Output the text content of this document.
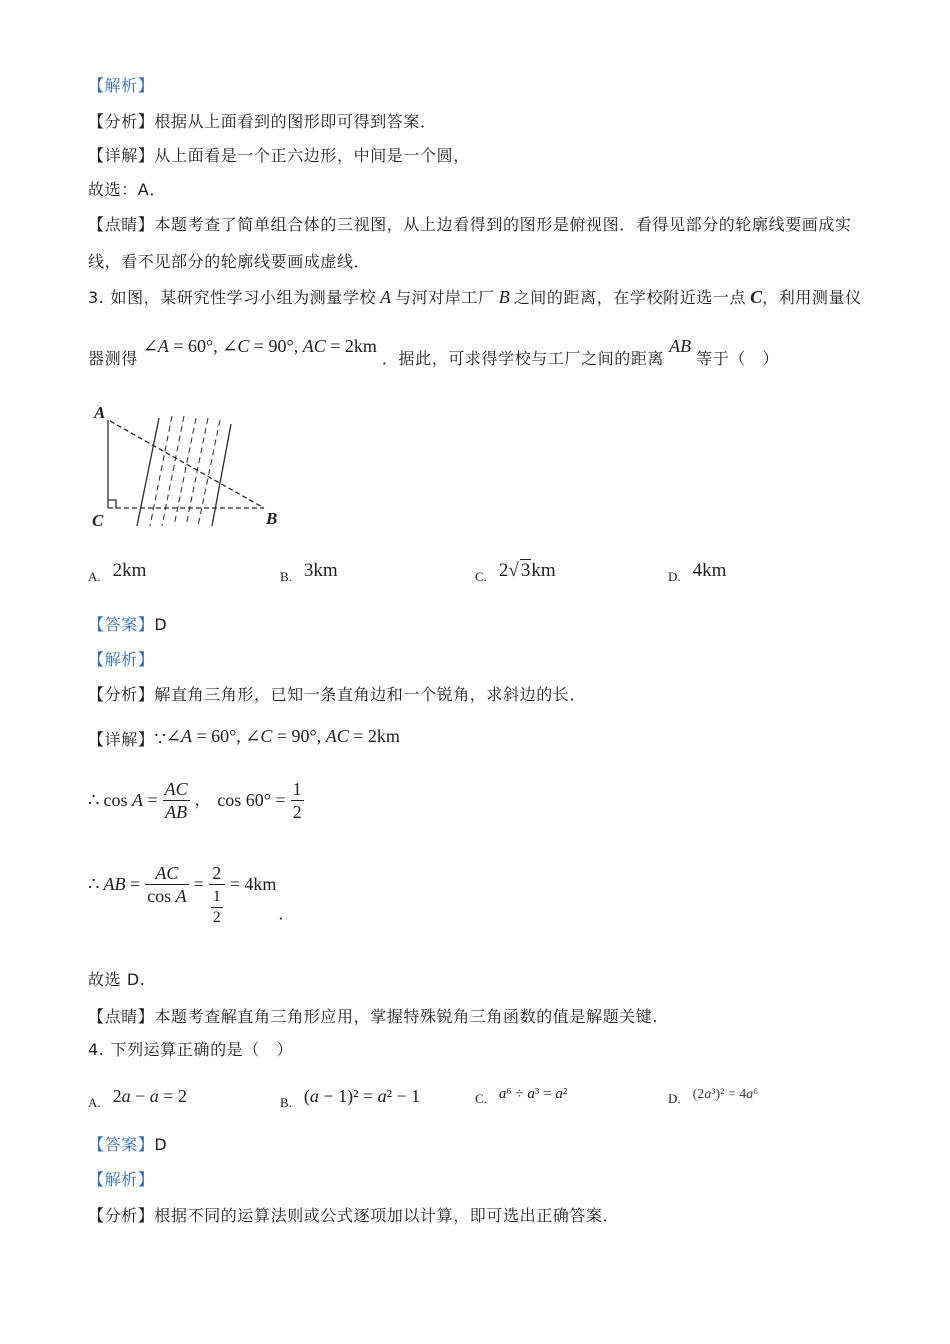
【解析】
【分析】根据从上面看到的图形即可得到答案．
【详解】从上面看是一个正六边形，中间是一个圆，
故选：A．
【点睛】本题考查了简单组合体的三视图，从上边看得到的图形是俯视图．看得见部分的轮廓线要画成实
线，看不见部分的轮廓线要画成虚线．
3. 如图，某研究性学习小组为测量学校 A 与河对岸工厂 B 之间的距离，在学校附近选一点 C，利用测量仪
器测得∠A = 60°, ∠C = 90°, AC = 2km．据此，可求得学校与工厂之间的距离AB等于（　）
A
C	B
A. 2km	B. 3km	C. 2√ 3km	D. 4km
【答案】D
【解析】
【分析】解直角三角形，已知一条直角边和一个锐角，求斜边的长．
【详解】∵∠A = 60°, ∠C = 90°, AC = 2km
∴ $\cos A = \frac{AC}{AB}$ ， $\cos 60^\circ = \frac{1}{2}$
∴ AB = $\frac{AC}{\text{cos A}} = \frac{2}{\frac{1}{2}} = 4km$
．
故选 D.
【点睛】本题考查解直角三角形应用，掌握特殊锐角三角函数的值是解题关键.
4. 下列运算正确的是（　）
A. 2a − a = 2	B. (a − 1)² = a² − 1	C. a⁶ ÷ a³ = a²	D. (2a³)² = 4a⁶
【答案】D
【解析】
【分析】根据不同的运算法则或公式逐项加以计算，即可选出正确答案．
